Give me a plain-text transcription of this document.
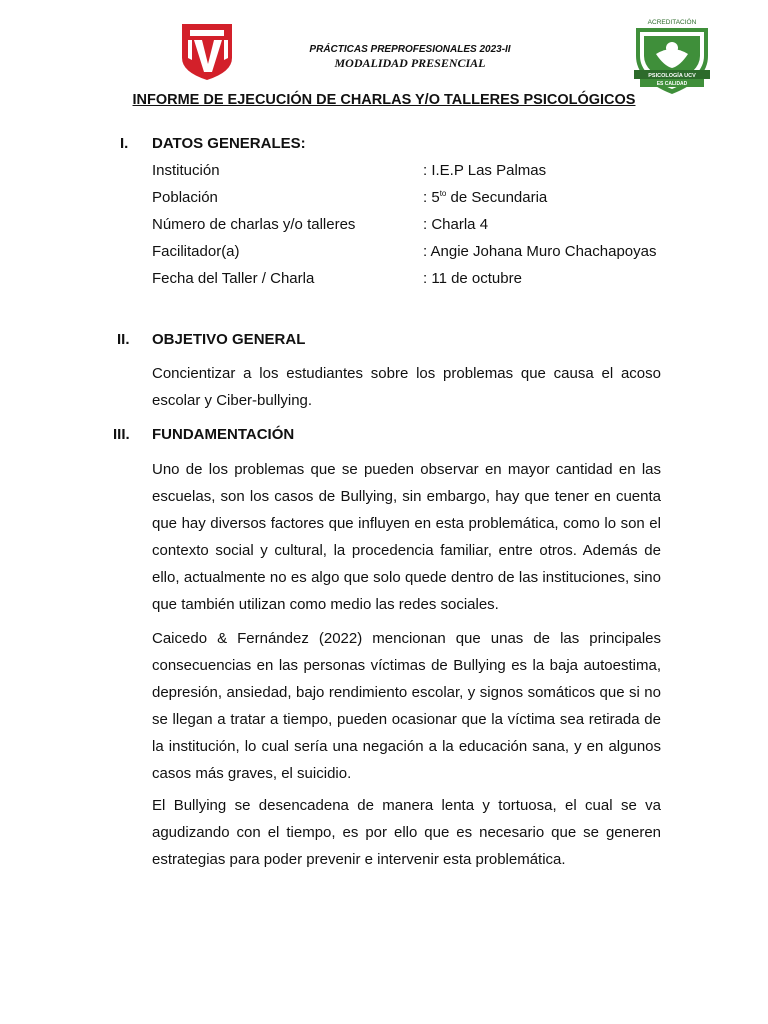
PRÁCTICAS PREPROFESIONALES 2023-II
MODALIDAD PRESENCIAL
ACREDITACIÓN
PSICOLOGÍA UCV
ES CALIDAD
INFORME DE EJECUCIÓN DE CHARLAS Y/O TALLERES PSICOLÓGICOS
I. DATOS GENERALES:
Institución	: I.E.P Las Palmas
Población	: $5^{to}$ de Secundaria
Número de charlas y/o talleres	: Charla 4
Facilitador(a)	: Angie Johana Muro Chachapoyas
Fecha del Taller / Charla	: 11 de octubre
II. OBJETIVO GENERAL

Concientizar a los estudiantes sobre los problemas que causa el acoso escolar y Ciber-bullying.

III. FUNDAMENTACIÓN

Uno de los problemas que se pueden observar en mayor cantidad en las escuelas, son los casos de Bullying, sin embargo, hay que tener en cuenta que hay diversos factores que influyen en esta problemática, como lo son el contexto social y cultural, la procedencia familiar, entre otros. Además de ello, actualmente no es algo que solo quede dentro de las instituciones, sino que también utilizan como medio las redes sociales.

Caicedo & Fernández (2022) mencionan que unas de las principales consecuencias en las personas víctimas de Bullying es la baja autoestima, depresión, ansiedad, bajo rendimiento escolar, y signos somáticos que si no se llegan a tratar a tiempo, pueden ocasionar que la víctima sea retirada de la institución, lo cual sería una negación a la educación sana, y en algunos casos más graves, el suicidio.

El Bullying se desencadena de manera lenta y tortuosa, el cual se va agudizando con el tiempo, es por ello que es necesario que se generen estrategias para poder prevenir e intervenir esta problemática.
